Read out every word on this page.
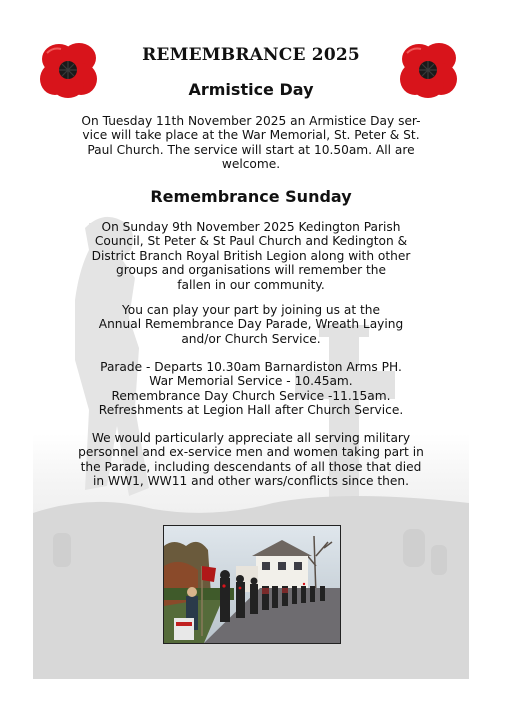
REMEMBRANCE 2025
Armistice Day

On Tuesday 11th November 2025 an Armistice Day ser-
vice will take place at the War Memorial, St. Peter & St.
Paul Church. The service will start at 10.50am. All are
welcome.

Remembrance Sunday

On Sunday 9th November 2025 Kedington Parish
Council, St Peter & St Paul Church and Kedington &
District Branch Royal British Legion along with other
groups and organisations will remember the
fallen in our community.

You can play your part by joining us at the
Annual Remembrance Day Parade, Wreath Laying
and/or Church Service.

Parade - Departs 10.30am Barnardiston Arms PH.
War Memorial Service - 10.45am.
Remembrance Day Church Service -11.15am.
Refreshments at Legion Hall after Church Service.

We would particularly appreciate all serving military
personnel and ex-service men and women taking part in
the Parade, including descendants of all those that died
in WW1, WW11 and other wars/conflicts since then.
